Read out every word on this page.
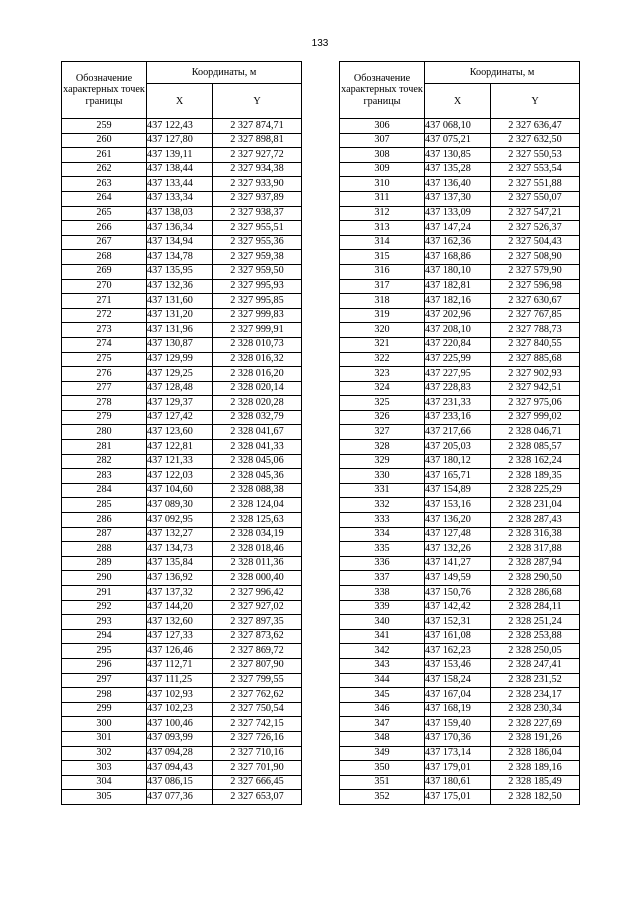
133
Обозначение характерных точек границы	Координаты, м	
	X	Y
259	437 122,43	2 327 874,71
260	437 127,80	2 327 898,81
261	437 139,11	2 327 927,72
262	437 138,44	2 327 934,38
263	437 133,44	2 327 933,90
264	437 133,34	2 327 937,89
265	437 138,03	2 327 938,37
266	437 136,34	2 327 955,51
267	437 134,94	2 327 955,36
268	437 134,78	2 327 959,38
269	437 135,95	2 327 959,50
270	437 132,36	2 327 995,93
271	437 131,60	2 327 995,85
272	437 131,20	2 327 999,83
273	437 131,96	2 327 999,91
274	437 130,87	2 328 010,73
275	437 129,99	2 328 016,32
276	437 129,25	2 328 016,20
277	437 128,48	2 328 020,14
278	437 129,37	2 328 020,28
279	437 127,42	2 328 032,79
280	437 123,60	2 328 041,67
281	437 122,81	2 328 041,33
282	437 121,33	2 328 045,06
283	437 122,03	2 328 045,36
284	437 104,60	2 328 088,38
285	437 089,30	2 328 124,04
286	437 092,95	2 328 125,63
287	437 132,27	2 328 034,19
288	437 134,73	2 328 018,46
289	437 135,84	2 328 011,36
290	437 136,92	2 328 000,40
291	437 137,32	2 327 996,42
292	437 144,20	2 327 927,02
293	437 132,60	2 327 897,35
294	437 127,33	2 327 873,62
295	437 126,46	2 327 869,72
296	437 112,71	2 327 807,90
297	437 111,25	2 327 799,55
298	437 102,93	2 327 762,62
299	437 102,23	2 327 750,54
300	437 100,46	2 327 742,15
301	437 093,99	2 327 726,16
302	437 094,28	2 327 710,16
303	437 094,43	2 327 701,90
304	437 086,15	2 327 666,45
305	437 077,36	2 327 653,07
Обозначение характерных точек границы	Координаты, м	
	X	Y
306	437 068,10	2 327 636,47
307	437 075,21	2 327 632,50
308	437 130,85	2 327 550,53
309	437 135,28	2 327 553,54
310	437 136,40	2 327 551,88
311	437 137,30	2 327 550,07
312	437 133,09	2 327 547,21
313	437 147,24	2 327 526,37
314	437 162,36	2 327 504,43
315	437 168,86	2 327 508,90
316	437 180,10	2 327 579,90
317	437 182,81	2 327 596,98
318	437 182,16	2 327 630,67
319	437 202,96	2 327 767,85
320	437 208,10	2 327 788,73
321	437 220,84	2 327 840,55
322	437 225,99	2 327 885,68
323	437 227,95	2 327 902,93
324	437 228,83	2 327 942,51
325	437 231,33	2 327 975,06
326	437 233,16	2 327 999,02
327	437 217,66	2 328 046,71
328	437 205,03	2 328 085,57
329	437 180,12	2 328 162,24
330	437 165,71	2 328 189,35
331	437 154,89	2 328 225,29
332	437 153,16	2 328 231,04
333	437 136,20	2 328 287,43
334	437 127,48	2 328 316,38
335	437 132,26	2 328 317,88
336	437 141,27	2 328 287,94
337	437 149,59	2 328 290,50
338	437 150,76	2 328 286,68
339	437 142,42	2 328 284,11
340	437 152,31	2 328 251,24
341	437 161,08	2 328 253,88
342	437 162,23	2 328 250,05
343	437 153,46	2 328 247,41
344	437 158,24	2 328 231,52
345	437 167,04	2 328 234,17
346	437 168,19	2 328 230,34
347	437 159,40	2 328 227,69
348	437 170,36	2 328 191,26
349	437 173,14	2 328 186,04
350	437 179,01	2 328 189,16
351	437 180,61	2 328 185,49
352	437 175,01	2 328 182,50
